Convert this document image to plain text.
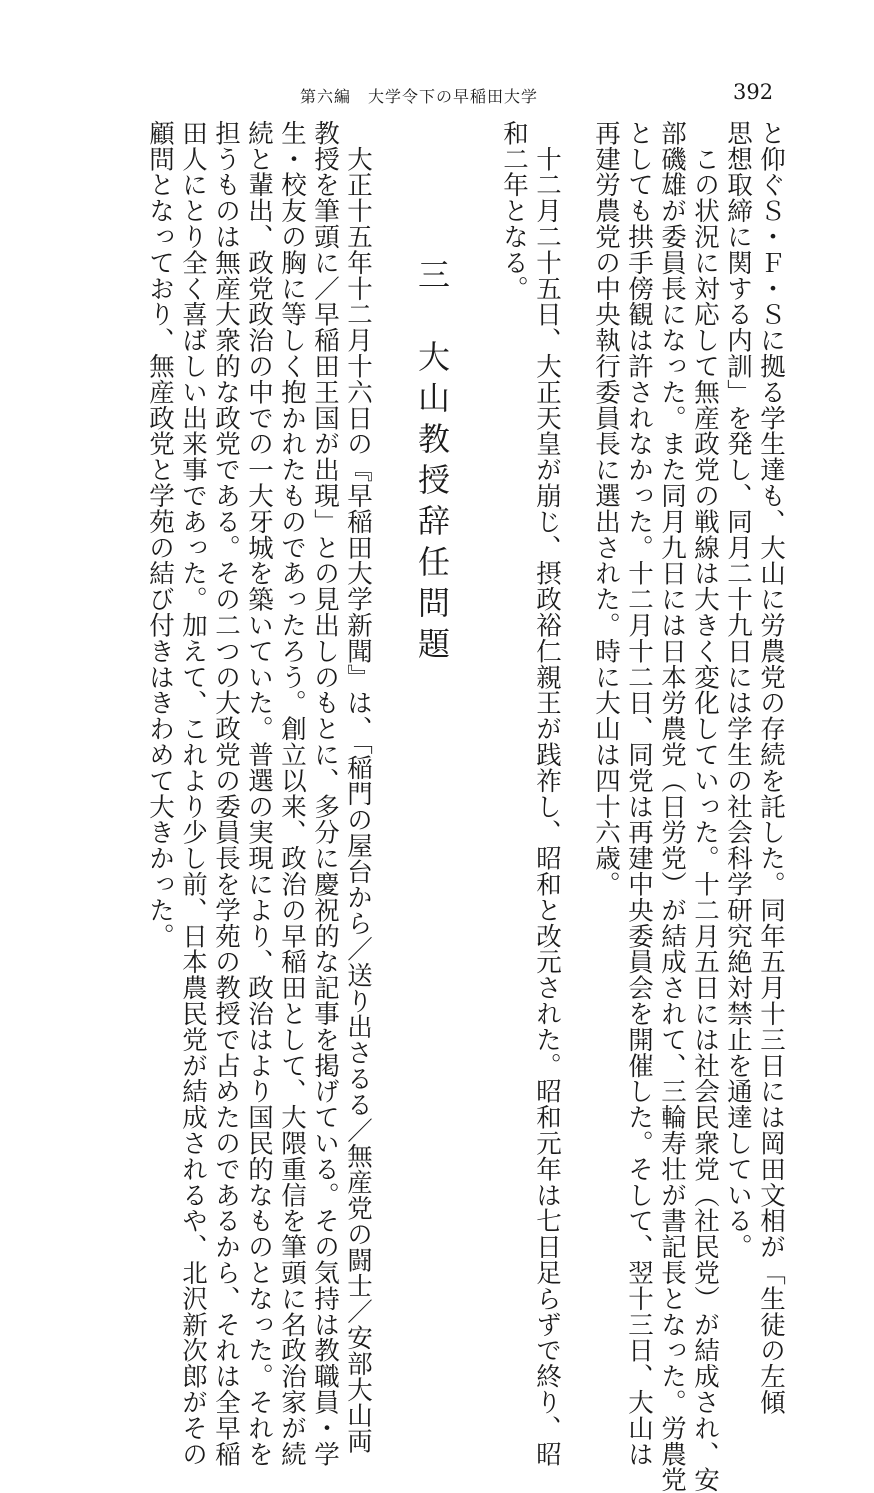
第六編　大学令下の早稲田大学	392
と仰ぐＳ・Ｆ・Ｓに拠る学生達も、大山に労農党の存続を託した。同年五月十三日には岡田文相が「生徒の左傾
思想取締に関する内訓」を発し、同月二十九日には学生の社会科学研究絶対禁止を通達している。
　この状況に対応して無産政党の戦線は大きく変化していった。十二月五日には社会民衆党（社民党）が結成され、安
部磯雄が委員長になった。また同月九日には日本労農党（日労党）が結成されて、三輪寿壮が書記長となった。労農党
としても拱手傍観は許されなかった。十二月十二日、同党は再建中央委員会を開催した。そして、翌十三日、大山は
再建労農党の中央執行委員長に選出された。時に大山は四十六歳。
　十二月二十五日、大正天皇が崩じ、摂政裕仁親王が践祚し、昭和と改元された。昭和元年は七日足らずで終り、昭
和二年となる。
三　大山教授辞任問題
　大正十五年十二月十六日の『早稲田大学新聞』は、「稲門の屋台から／送り出さるる／無産党の闘士／安部大山両
教授を筆頭に／早稲田王国が出現」との見出しのもとに、多分に慶祝的な記事を掲げている。その気持は教職員・学
生・校友の胸に等しく抱かれたものであったろう。創立以来、政治の早稲田として、大隈重信を筆頭に名政治家が続
続と輩出、政党政治の中での一大牙城を築いていた。普選の実現により、政治はより国民的なものとなった。それを
担うものは無産大衆的な政党である。その二つの大政党の委員長を学苑の教授で占めたのであるから、それは全早稲
田人にとり全く喜ばしい出来事であった。加えて、これより少し前、日本農民党が結成されるや、北沢新次郎がその
顧問となっており、無産政党と学苑の結び付きはきわめて大きかった。
